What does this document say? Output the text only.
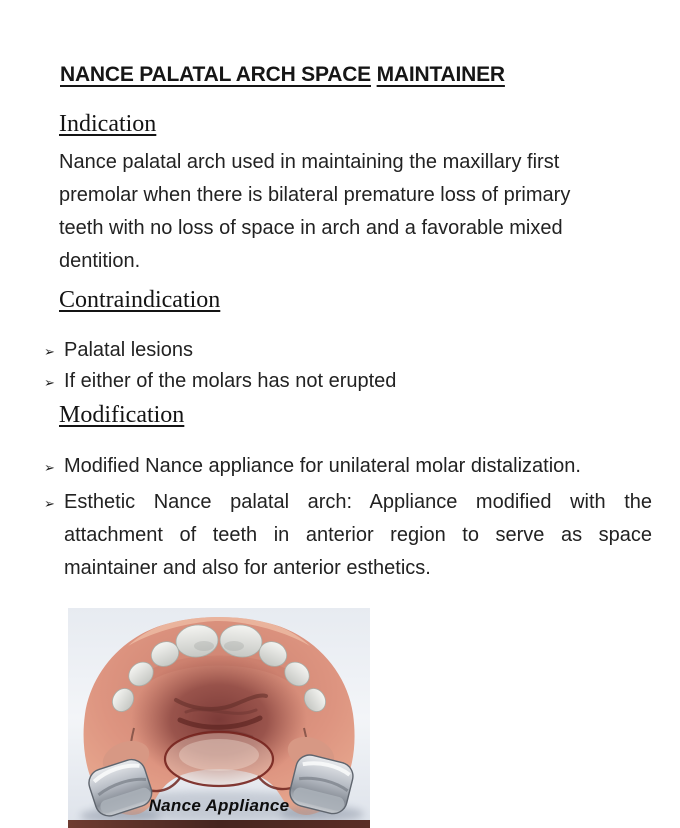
NANCE PALATAL ARCH SPACE MAINTAINER
Indication

Nance palatal arch used in maintaining the maxillary first premolar when there is bilateral premature loss of primary teeth with no loss of space in arch and a favorable mixed dentition.

Contraindication
➢ Palatal lesions
➢ If either of the molars has not erupted
Modification
➢ Modified Nance appliance for unilateral molar distalization.
➢ Esthetic Nance palatal arch: Appliance modified with the attachment of teeth in anterior region to serve as space maintainer and also for anterior esthetics.
Nance Appliance
